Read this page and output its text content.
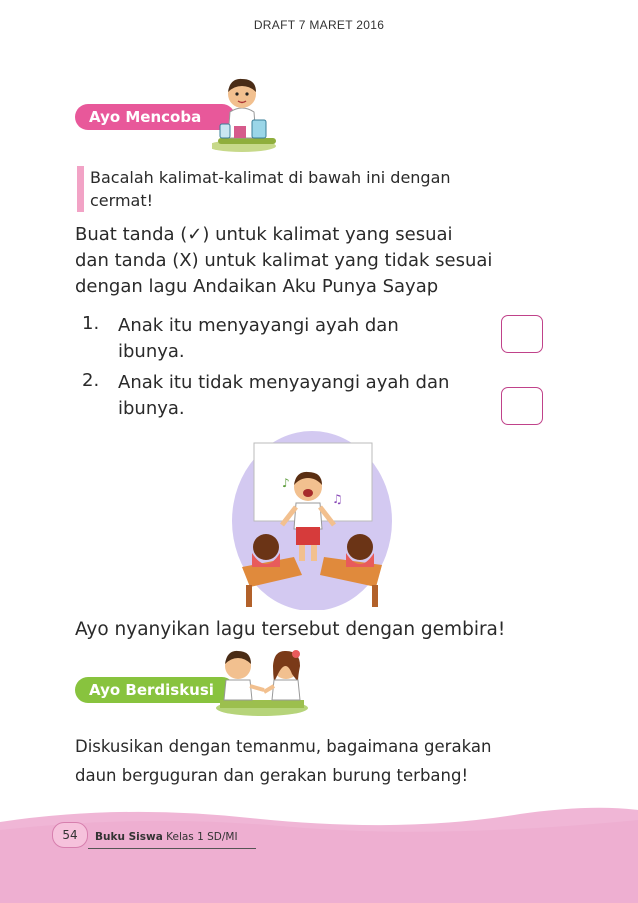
DRAFT 7 MARET 2016
Ayo Mencoba
Bacalah kalimat-kalimat di bawah ini dengan
cermat!
Buat tanda (✓) untuk kalimat yang sesuai
dan tanda (X) untuk kalimat yang tidak sesuai
dengan lagu Andaikan Aku Punya Sayap
1. Anak itu menyayangi ayah dan
ibunya.
2. Anak itu tidak menyayangi ayah dan
ibunya.
♪
♫
Ayo nyanyikan lagu tersebut dengan gembira!
Ayo Berdiskusi
Diskusikan dengan temanmu, bagaimana gerakan
daun berguguran dan gerakan burung terbang!
54	Buku Siswa Kelas 1 SD/MI
